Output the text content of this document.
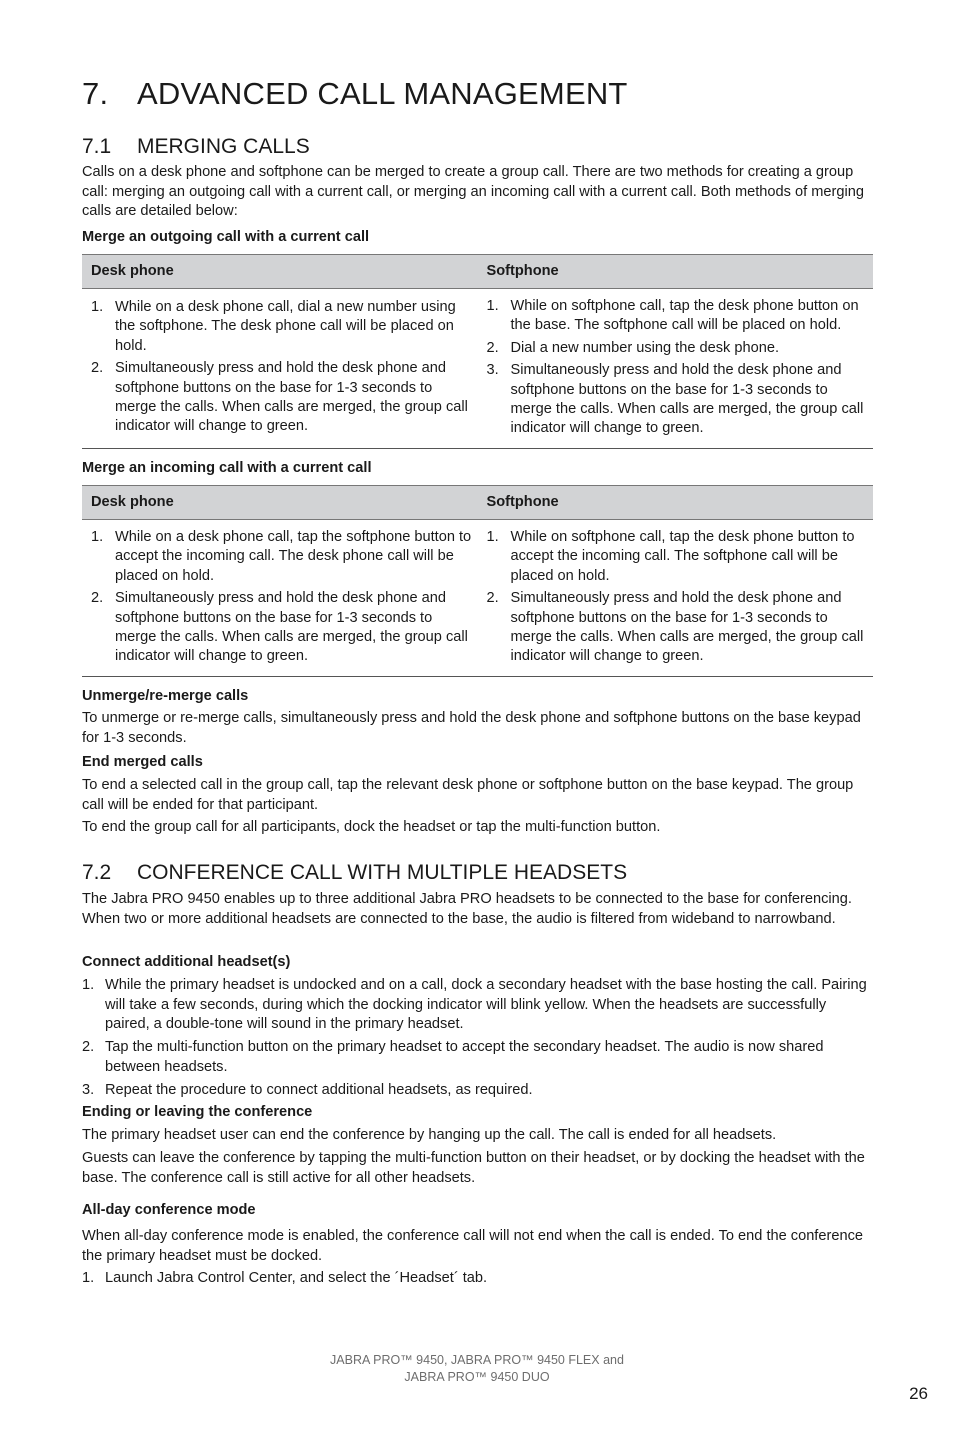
7. ADVANCED CALL MANAGEMENT
7.1 MERGING CALLS

Calls on a desk phone and softphone can be merged to create a group call. There are two methods for creating a group call: merging an outgoing call with a current call, or merging an incoming call with a current call. Both methods of merging calls are detailed below:

Merge an outgoing call with a current call

Desk phone	Softphone
1. While on a desk phone call, dial a new number using the softphone. The desk phone call will be placed on hold.
2. Simultaneously press and hold the desk phone and softphone buttons on the base for 1-3 seconds to merge the calls. When calls are merged, the group call indicator will change to green.
1. While on softphone call, tap the desk phone button on the base. The softphone call will be placed on hold.
2. Dial a new number using the desk phone.
3. Simultaneously press and hold the desk phone and softphone buttons on the base for 1-3 seconds to merge the calls. When calls are merged, the group call indicator will change to green.

Merge an incoming call with a current call

Desk phone	Softphone
1. While on a desk phone call, tap the softphone button to accept the incoming call. The desk phone call will be placed on hold.
2. Simultaneously press and hold the desk phone and softphone buttons on the base for 1-3 seconds to merge the calls. When calls are merged, the group call indicator will change to green.
1. While on softphone call, tap the desk phone button to accept the incoming call. The softphone call will be placed on hold.
2. Simultaneously press and hold the desk phone and softphone buttons on the base for 1-3 seconds to merge the calls. When calls are merged, the group call indicator will change to green.

Unmerge/re-merge calls

To unmerge or re-merge calls, simultaneously press and hold the desk phone and softphone buttons on the base keypad for 1-3 seconds.

End merged calls

To end a selected call in the group call, tap the relevant desk phone or softphone button on the base keypad. The group call will be ended for that participant.

To end the group call for all participants, dock the headset or tap the multi-function button.

7.2 CONFERENCE CALL WITH MULTIPLE HEADSETS

The Jabra PRO 9450 enables up to three additional Jabra PRO headsets to be connected to the base for conferencing. When two or more additional headsets are connected to the base, the audio is filtered from wideband to narrowband.

Connect additional headset(s)

1. While the primary headset is undocked and on a call, dock a secondary headset with the base hosting the call. Pairing will take a few seconds, during which the docking indicator will blink yellow. When the headsets are successfully paired, a double-tone will sound in the primary headset.
2. Tap the multi-function button on the primary headset to accept the secondary headset. The audio is now shared between headsets.
3. Repeat the procedure to connect additional headsets, as required.

Ending or leaving the conference

The primary headset user can end the conference by hanging up the call. The call is ended for all headsets.

Guests can leave the conference by tapping the multi-function button on their headset, or by docking the headset with the base. The conference call is still active for all other headsets.

All-day conference mode

When all-day conference mode is enabled, the conference call will not end when the call is ended. To end the conference the primary headset must be docked.

1. Launch Jabra Control Center, and select the ´Headset´ tab.
JABRA PRO™ 9450, JABRA PRO™ 9450 FLEX and
JABRA PRO™ 9450 DUO
26
